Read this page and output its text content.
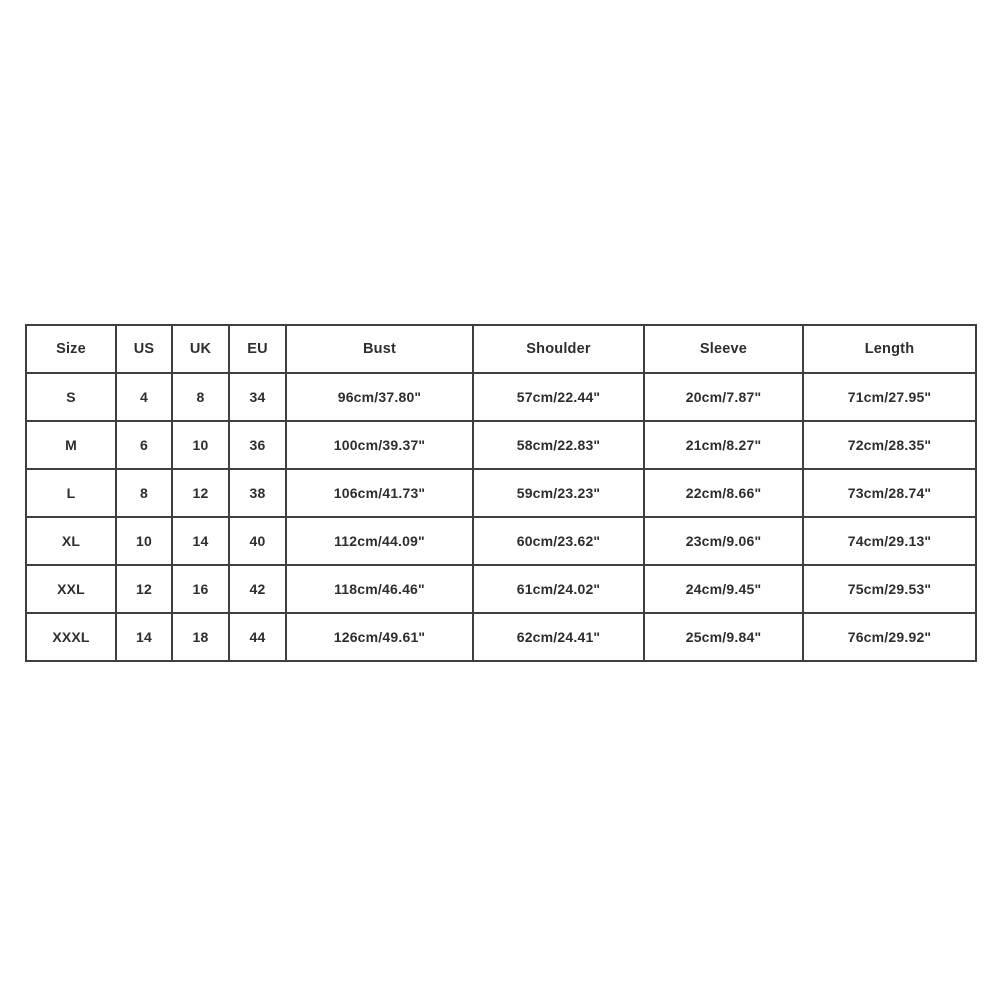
Size	US	UK	EU	Bust	Shoulder	Sleeve	Length
S	4	8	34	96cm/37.80"	57cm/22.44"	20cm/7.87"	71cm/27.95"
M	6	10	36	100cm/39.37"	58cm/22.83"	21cm/8.27"	72cm/28.35"
L	8	12	38	106cm/41.73"	59cm/23.23"	22cm/8.66"	73cm/28.74"
XL	10	14	40	112cm/44.09"	60cm/23.62"	23cm/9.06"	74cm/29.13"
XXL	12	16	42	118cm/46.46"	61cm/24.02"	24cm/9.45"	75cm/29.53"
XXXL	14	18	44	126cm/49.61"	62cm/24.41"	25cm/9.84"	76cm/29.92"
